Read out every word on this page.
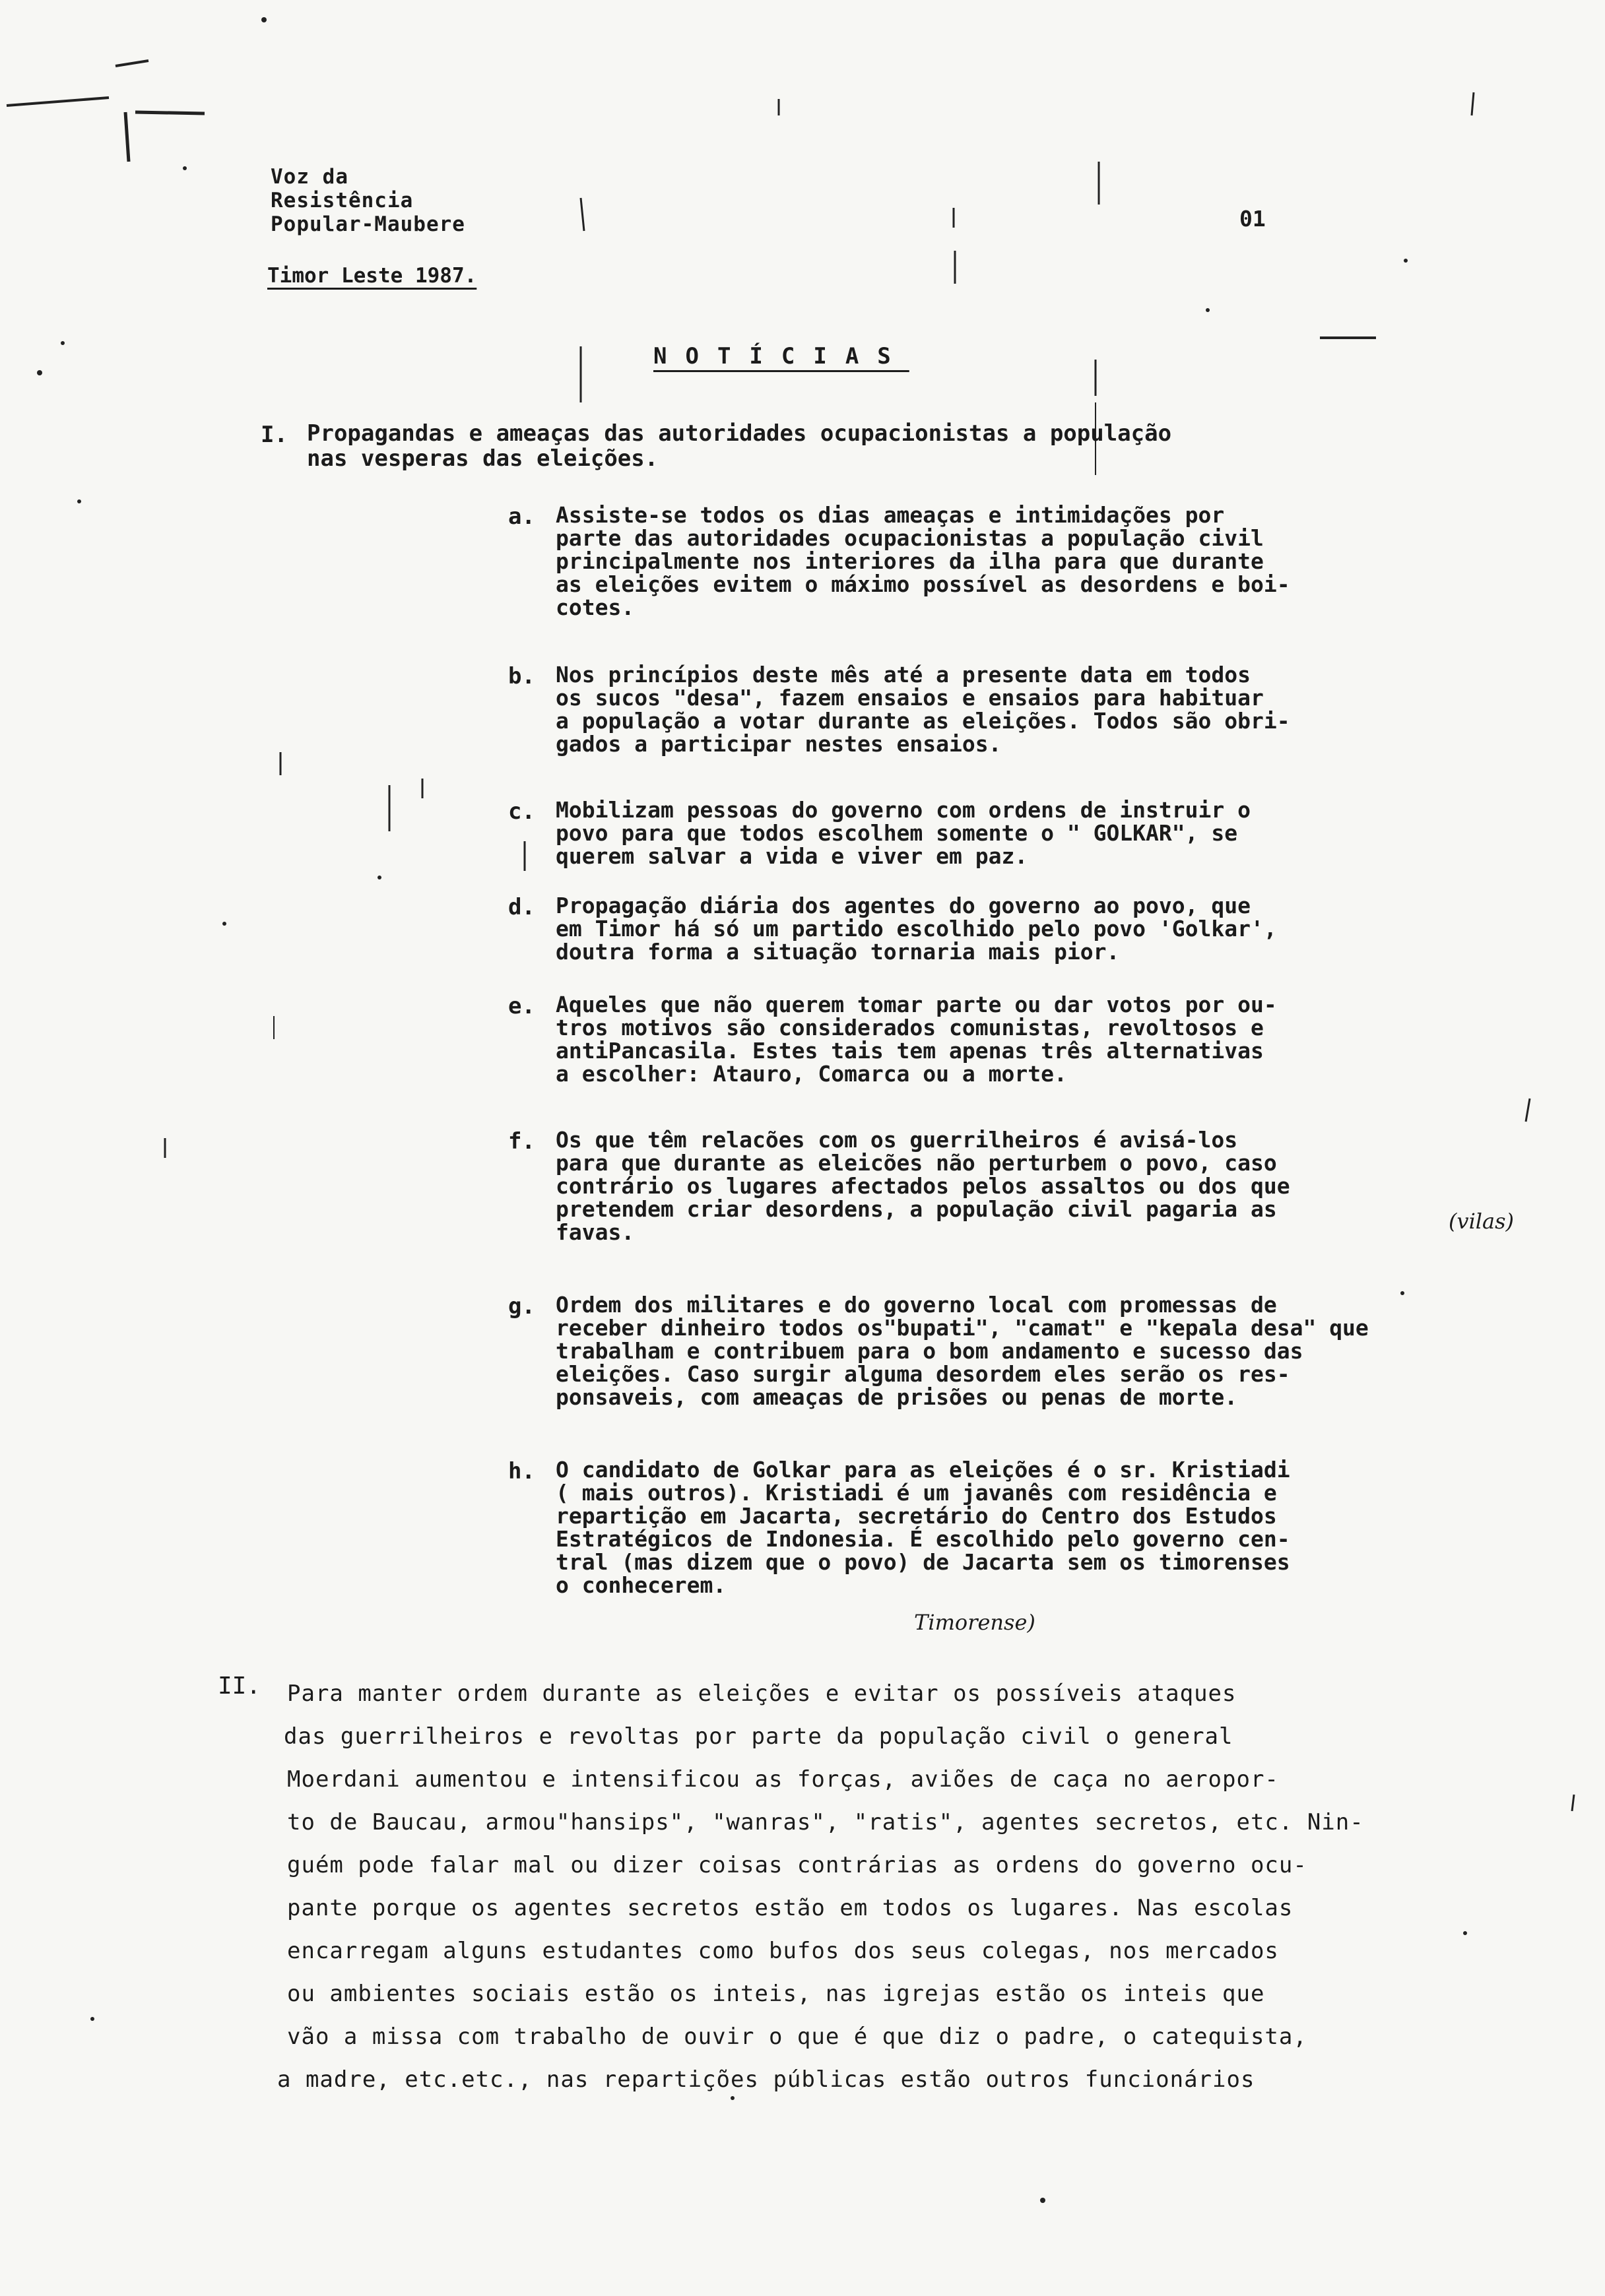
Voz da
Resistência
Popular-Maubere
Timor Leste 1987.
01
NOTÍCIAS
I. Propagandas e ameaças das autoridades ocupacionistas a população
nas vesperas das eleições.
a. Assiste-se todos os dias ameaças e intimidações por
parte das autoridades ocupacionistas a população civil
principalmente nos interiores da ilha para que durante
as eleições evitem o máximo possível as desordens e boi-
cotes.
b. Nos princípios deste mês até a presente data em todos
os sucos "desa", fazem ensaios e ensaios para habituar
a população a votar durante as eleições. Todos são obri-
gados a participar nestes ensaios.
c. Mobilizam pessoas do governo com ordens de instruir o
povo para que todos escolhem somente o " GOLKAR", se
querem salvar a vida e viver em paz.
d. Propagação diária dos agentes do governo ao povo, que
em Timor há só um partido escolhido pelo povo 'Golkar',
doutra forma a situação tornaria mais pior.
e. Aqueles que não querem tomar parte ou dar votos por ou-
tros motivos são considerados comunistas, revoltosos e
antiPancasila. Estes tais tem apenas três alternativas
a escolher: Atauro, Comarca ou a morte.
f. Os que têm relacões com os guerrilheiros é avisá-los
para que durante as eleicões não perturbem o povo, caso
contrário os lugares afectados pelos assaltos ou dos que
pretendem criar desordens, a população civil pagaria as
favas.	(vilas)
g. Ordem dos militares e do governo local com promessas de
receber dinheiro todos os"bupati", "camat" e "kepala desa" que
trabalham e contribuem para o bom andamento e sucesso das
eleições. Caso surgir alguma desordem eles serão os res-
ponsaveis, com ameaças de prisões ou penas de morte.
h. O candidato de Golkar para as eleições é o sr. Kristiadi
( mais outros). Kristiadi é um javanês com residência e
repartição em Jacarta, secretário do Centro dos Estudos
Estratégicos de Indonesia. É escolhido pelo governo cen-
tral (mas dizem que o povo) de Jacarta sem os timorenses
o conhecerem.
Timorense)
II. Para manter ordem durante as eleições e evitar os possíveis ataques
das guerrilheiros e revoltas por parte da população civil o general
Moerdani aumentou e intensificou as forças, aviões de caça no aeropor-
to de Baucau, armou"hansips", "wanras", "ratis", agentes secretos, etc. Nin-
guém pode falar mal ou dizer coisas contrárias as ordens do governo ocu-
pante porque os agentes secretos estão em todos os lugares. Nas escolas
encarregam alguns estudantes como bufos dos seus colegas, nos mercados
ou ambientes sociais estão os inteis, nas igrejas estão os inteis que
vão a missa com trabalho de ouvir o que é que diz o padre, o catequista,
a madre, etc.etc., nas repartições públicas estão outros funcionários
